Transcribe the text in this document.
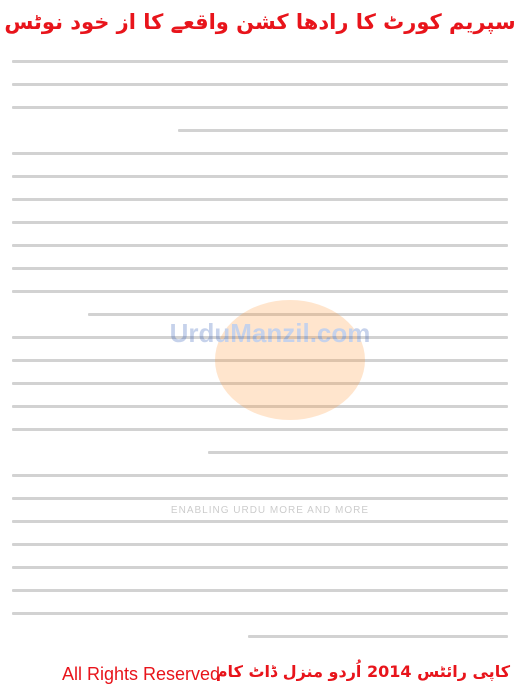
سپریم کورٹ کا رادھا کشن واقعے کا از خود نوٹس
UrduManzil.com
ENABLING URDU MORE AND MORE
All Rights Reserved
کاپی رائٹس 2014 اُردو منزل ڈاٹ کام
